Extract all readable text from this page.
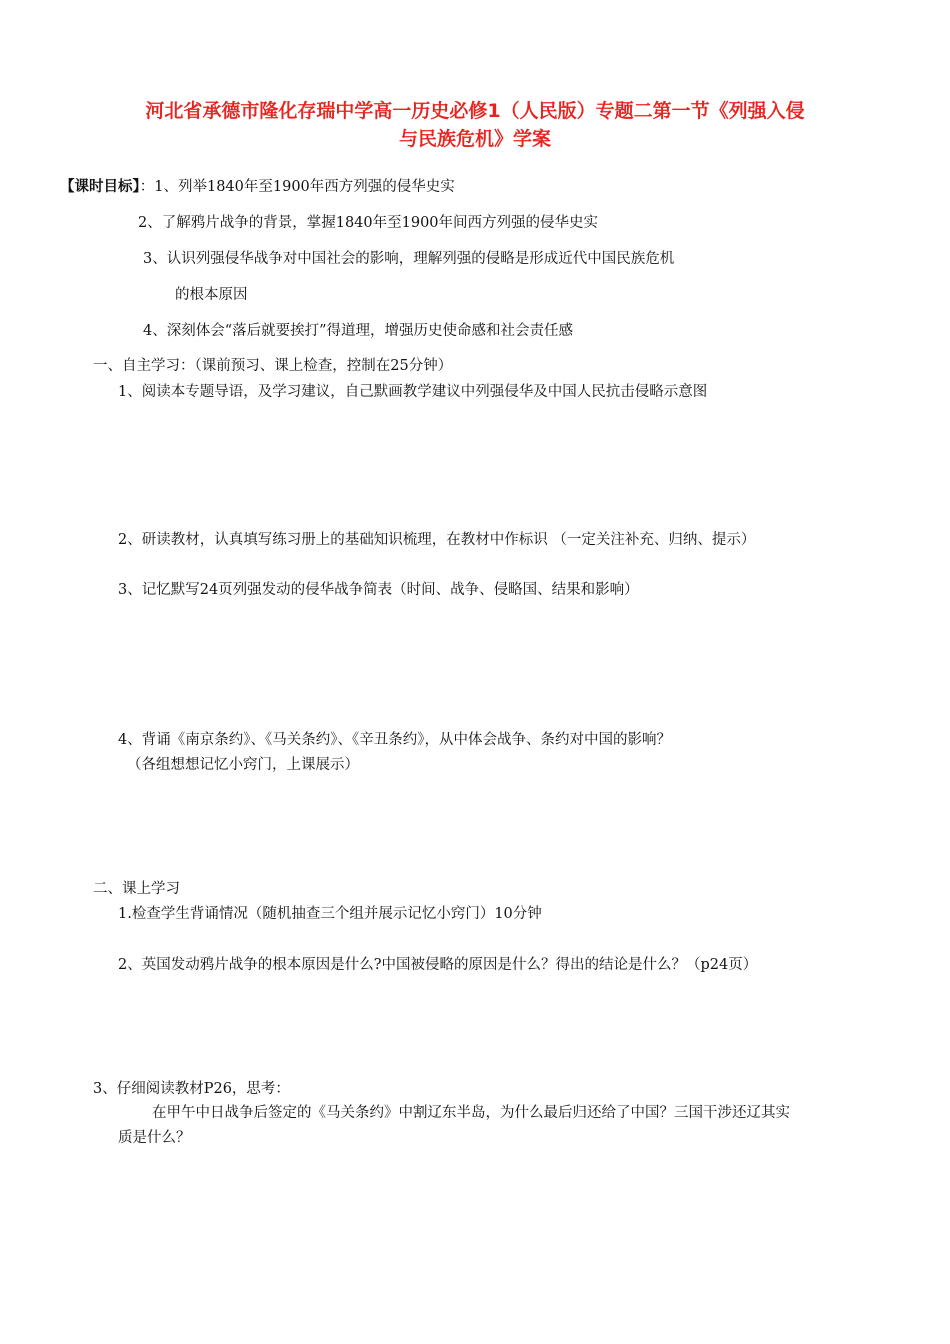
河北省承德市隆化存瑞中学高一历史必修1（人民版）专题二第一节《列强入侵
与民族危机》学案
【课时目标】：1、列举1840年至1900年西方列强的侵华史实
2、了解鸦片战争的背景，掌握1840年至1900年间西方列强的侵华史实
3、认识列强侵华战争对中国社会的影响，理解列强的侵略是形成近代中国民族危机
的根本原因
4、深刻体会“落后就要挨打”得道理，增强历史使命感和社会责任感
一、自主学习：（课前预习、课上检查，控制在25分钟）
1、阅读本专题导语，及学习建议，自己默画教学建议中列强侵华及中国人民抗击侵略示意图
2、研读教材，认真填写练习册上的基础知识梳理，在教材中作标识 （一定关注补充、归纳、提示）
3、记忆默写24页列强发动的侵华战争简表（时间、战争、侵略国、结果和影响）
4、背诵《南京条约》、《马关条约》、《辛丑条约》，从中体会战争、条约对中国的影响？
（各组想想记忆小窍门，上课展示）
二、课上学习
1.检查学生背诵情况（随机抽查三个组并展示记忆小窍门）10分钟
2、英国发动鸦片战争的根本原因是什么?中国被侵略的原因是什么？得出的结论是什么？（p24页）
3、仔细阅读教材P26，思考：
在甲午中日战争后签定的《马关条约》中割辽东半岛，为什么最后归还给了中国？三国干涉还辽其实
质是什么？
